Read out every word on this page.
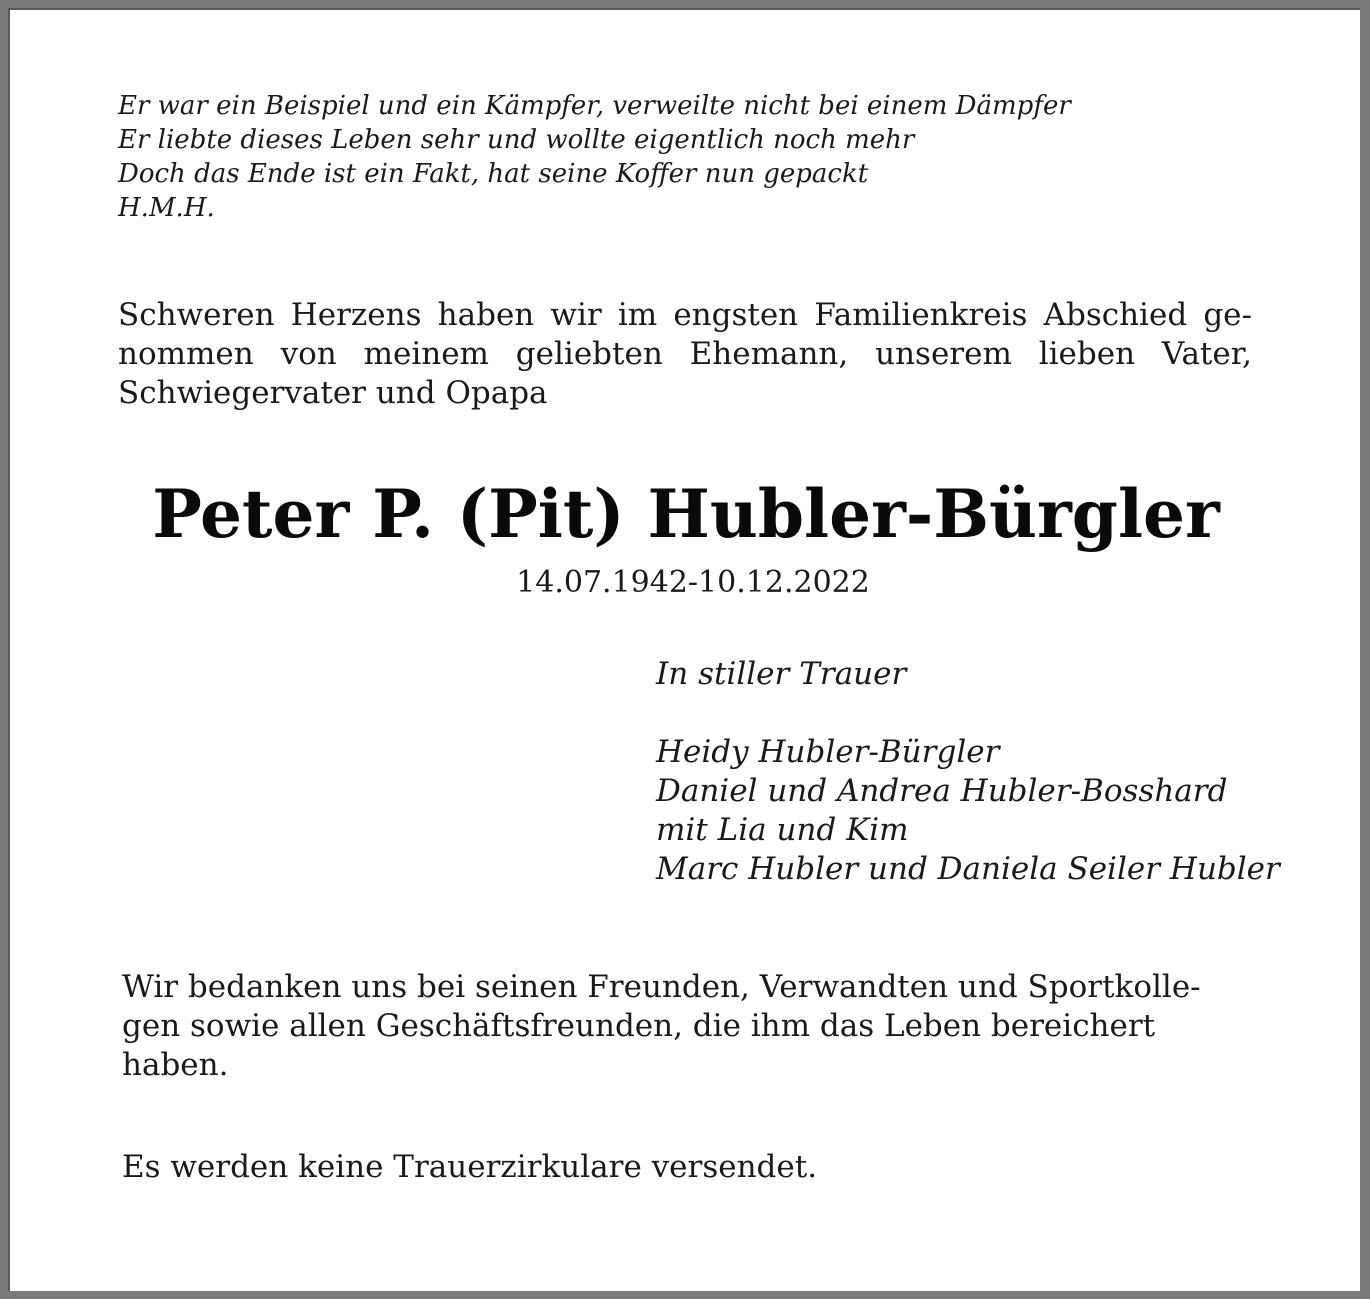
Er war ein Beispiel und ein Kämpfer, verweilte nicht bei einem Dämpfer
Er liebte dieses Leben sehr und wollte eigentlich noch mehr
Doch das Ende ist ein Fakt, hat seine Koffer nun gepackt
H.M.H.
Schweren Herzens haben wir im engsten Familienkreis Abschied ge-
nommen von meinem geliebten Ehemann, unserem lieben Vater,
Schwiegervater und Opapa
Peter P. (Pit) Hubler-Bürgler
14.07.1942-10.12.2022
In stiller Trauer
Heidy Hubler-Bürgler
Daniel und Andrea Hubler-Bosshard
mit Lia und Kim
Marc Hubler und Daniela Seiler Hubler
Wir bedanken uns bei seinen Freunden, Verwandten und Sportkolle-
gen sowie allen Geschäftsfreunden, die ihm das Leben bereichert
haben.
Es werden keine Trauerzirkulare versendet.
